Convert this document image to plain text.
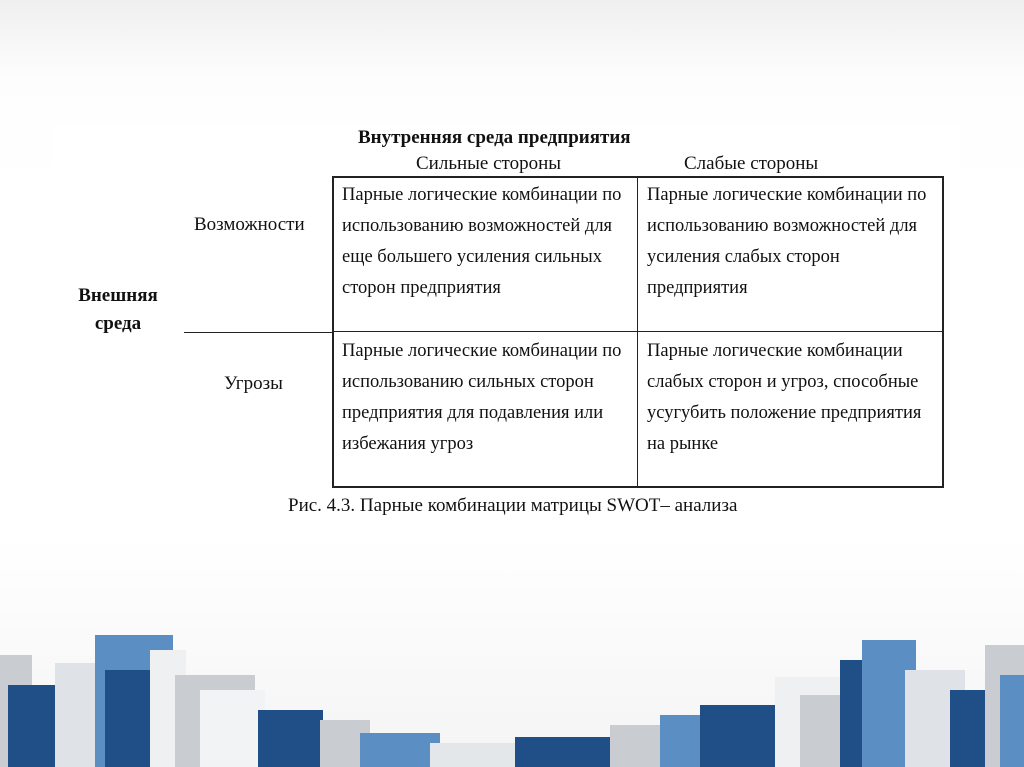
Внутренняя среда предприятия
Сильные стороны	Слабые стороны
Возможности
Угрозы
Внешняя среда
Парные логические комбинации по использованию возможностей для еще большего усиления сильных сторон предприятия
Парные логические комбинации по использованию возможностей для усиления слабых сторон предприятия
Парные логические комбинации по использованию сильных сторон предприятия для подавления или избежания угроз
Парные логические комбинации слабых сторон и угроз, способные усугубить положение предприятия на рынке
Рис. 4.3. Парные комбинации матрицы SWOT– анализа
